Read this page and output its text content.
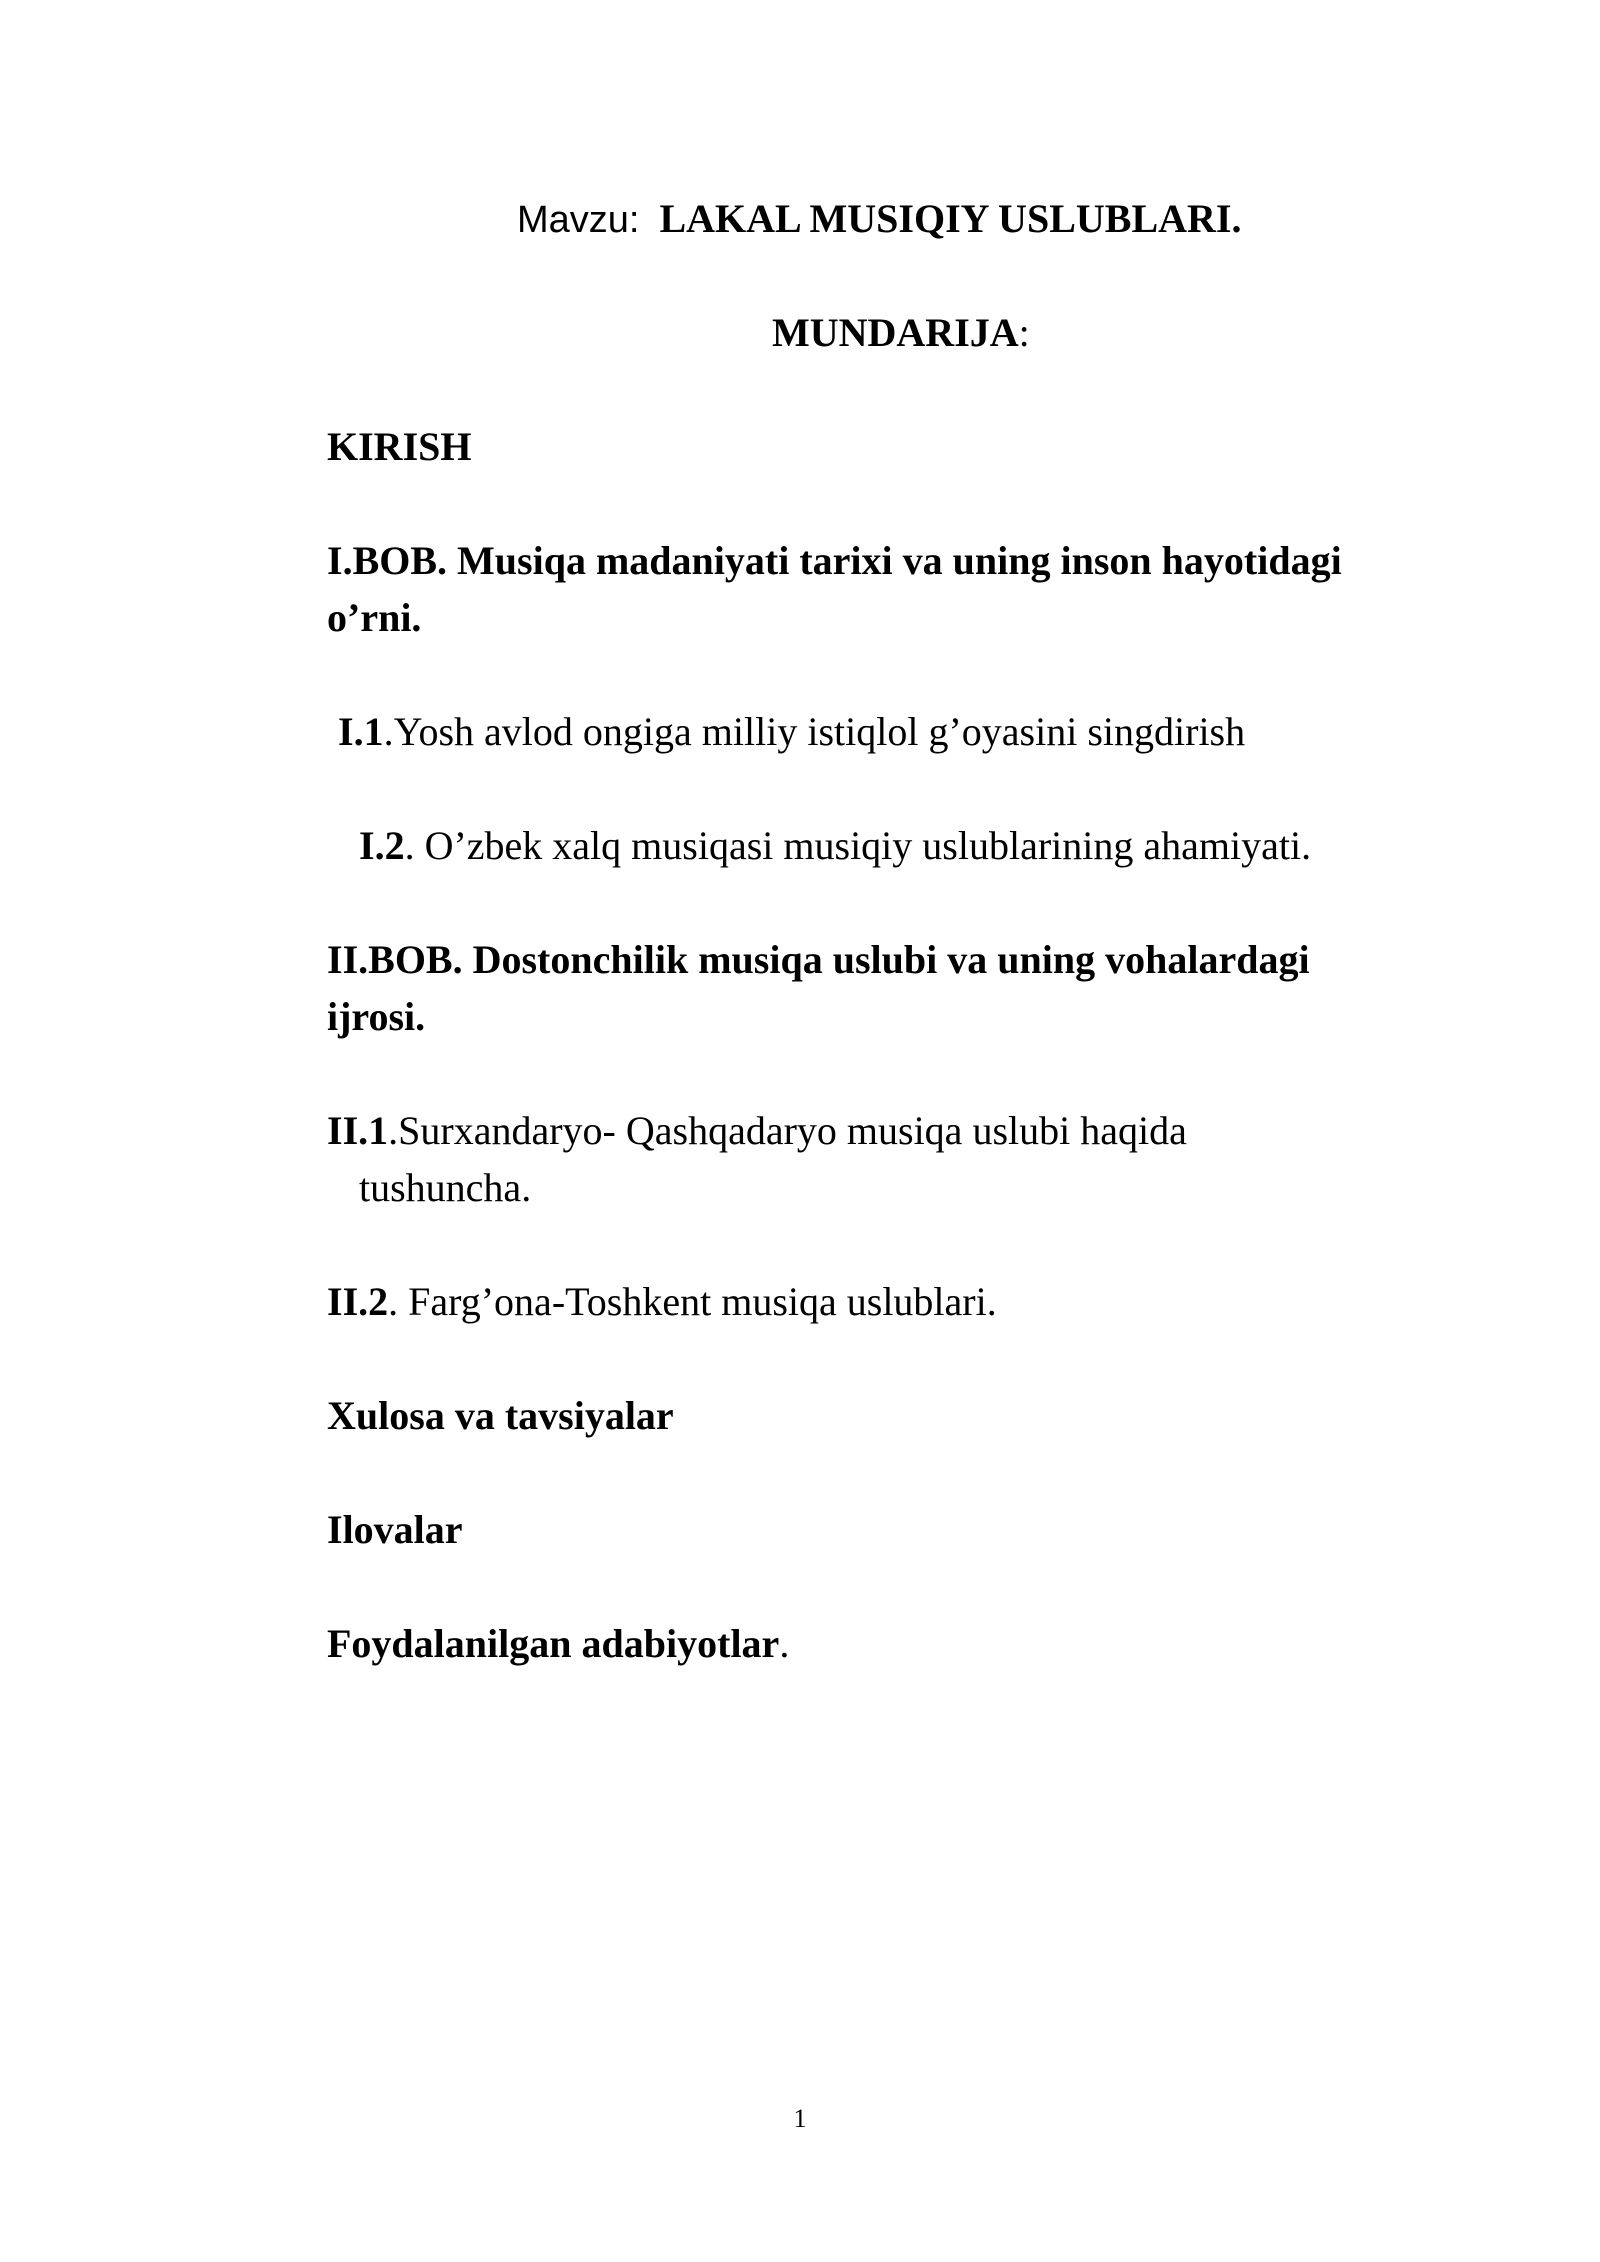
Mavzu: LAKAL MUSIQIY USLUBLARI.
MUNDARIJA:
KIRISH
I.BOB. Musiqa madaniyati tarixi va uning inson hayotidagi
o’rni.
I.1.Yosh avlod ongiga milliy istiqlol g’oyasini singdirish
I.2. O’zbek xalq musiqasi musiqiy uslublarining ahamiyati.
II.BOB. Dostonchilik musiqa uslubi va uning vohalardagi
ijrosi.
II.1.Surxandaryo- Qashqadaryo musiqa uslubi haqida
tushuncha.
II.2. Farg’ona-Toshkent musiqa uslublari.
Xulosa va tavsiyalar
Ilovalar
Foydalanilgan adabiyotlar.
1
